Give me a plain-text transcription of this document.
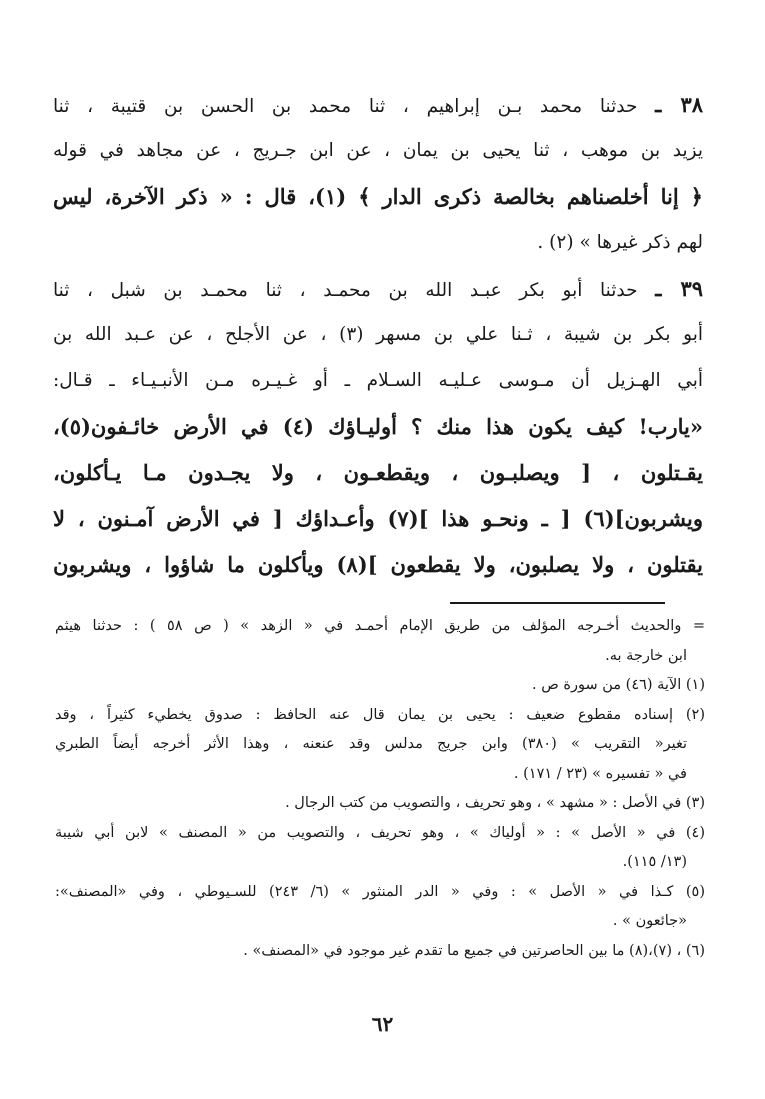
٣٨ ـ حدثنا محمد بـن إبراهيم ، ثنا محمد بن الحسن بن قتيبة ، ثنا
يزيد بن موهب ، ثنا يحيى بن يمان ، عن ابن جـريج ، عن مجاهد في قوله
﴿ إنا أخلصناهم بخالصة ذكرى الدار ﴾ (١)، قال : « ذكر الآخرة، ليس
لهم ذكر غيرها » (٢) .
٣٩ ـ حدثنا أبو بكر عبـد الله بن محمـد ، ثنا محمـد بن شبل ، ثنا
أبو بكر بن شيبة ، ثـنا علي بن مسهر (٣) ، عن الأجلح ، عن عـبد الله بن
أبي الهـزيل أن مـوسى عـليـه السـلام ـ أو غـيـره مـن الأنبـيـاء ـ قـال:
«يارب! كيف يكون هذا منك ؟ أوليـاؤك (٤) في الأرض خائـفون(٥)،
يقـتلون ، [ ويصلبـون ، ويقطعـون ، ولا يجـدون مـا يـأكلون،
ويشربون](٦) [ ـ ونحـو هذا ](٧) وأعـداؤك [ في الأرض آمـنون ، لا
يقتلون ، ولا يصلبون، ولا يقطعون ](٨) ويأكلون ما شاؤوا ، ويشربون
= والحديث أخـرجه المؤلف من طريق الإمام أحمـد في « الزهد » ( ص ٥٨ ) : حدثنا هيثم
ابن خارجة به.
(١) الآية (٤٦) من سورة ص .
(٢) إسناده مقطوع ضعيف : يحيى بن يمان قال عنه الحافظ : صدوق يخطيء كثيراً ، وقد
تغير« التقريب » (٣٨٠) وابن جريج مدلس وقد عنعنه ، وهذا الأثر أخرجه أيضاً الطبري
في « تفسيره » (٢٣ / ١٧١) .
(٣) في الأصل : « مشهد » ، وهو تحريف ، والتصويب من كتب الرجال .
(٤) في « الأصل » : « أولياك » ، وهو تحريف ، والتصويب من « المصنف » لابن أبي شيبة
(١٣/ ١١٥).
(٥) كـذا في « الأصل » : وفي « الدر المنثور » (٦/ ٢٤٣) للسـيوطي ، وفي «المصنف»:
«جائعون » .
(٦) ، (٧)،(٨) ما بين الحاصرتين في جميع ما تقدم غير موجود في «المصنف» .
٦٢
